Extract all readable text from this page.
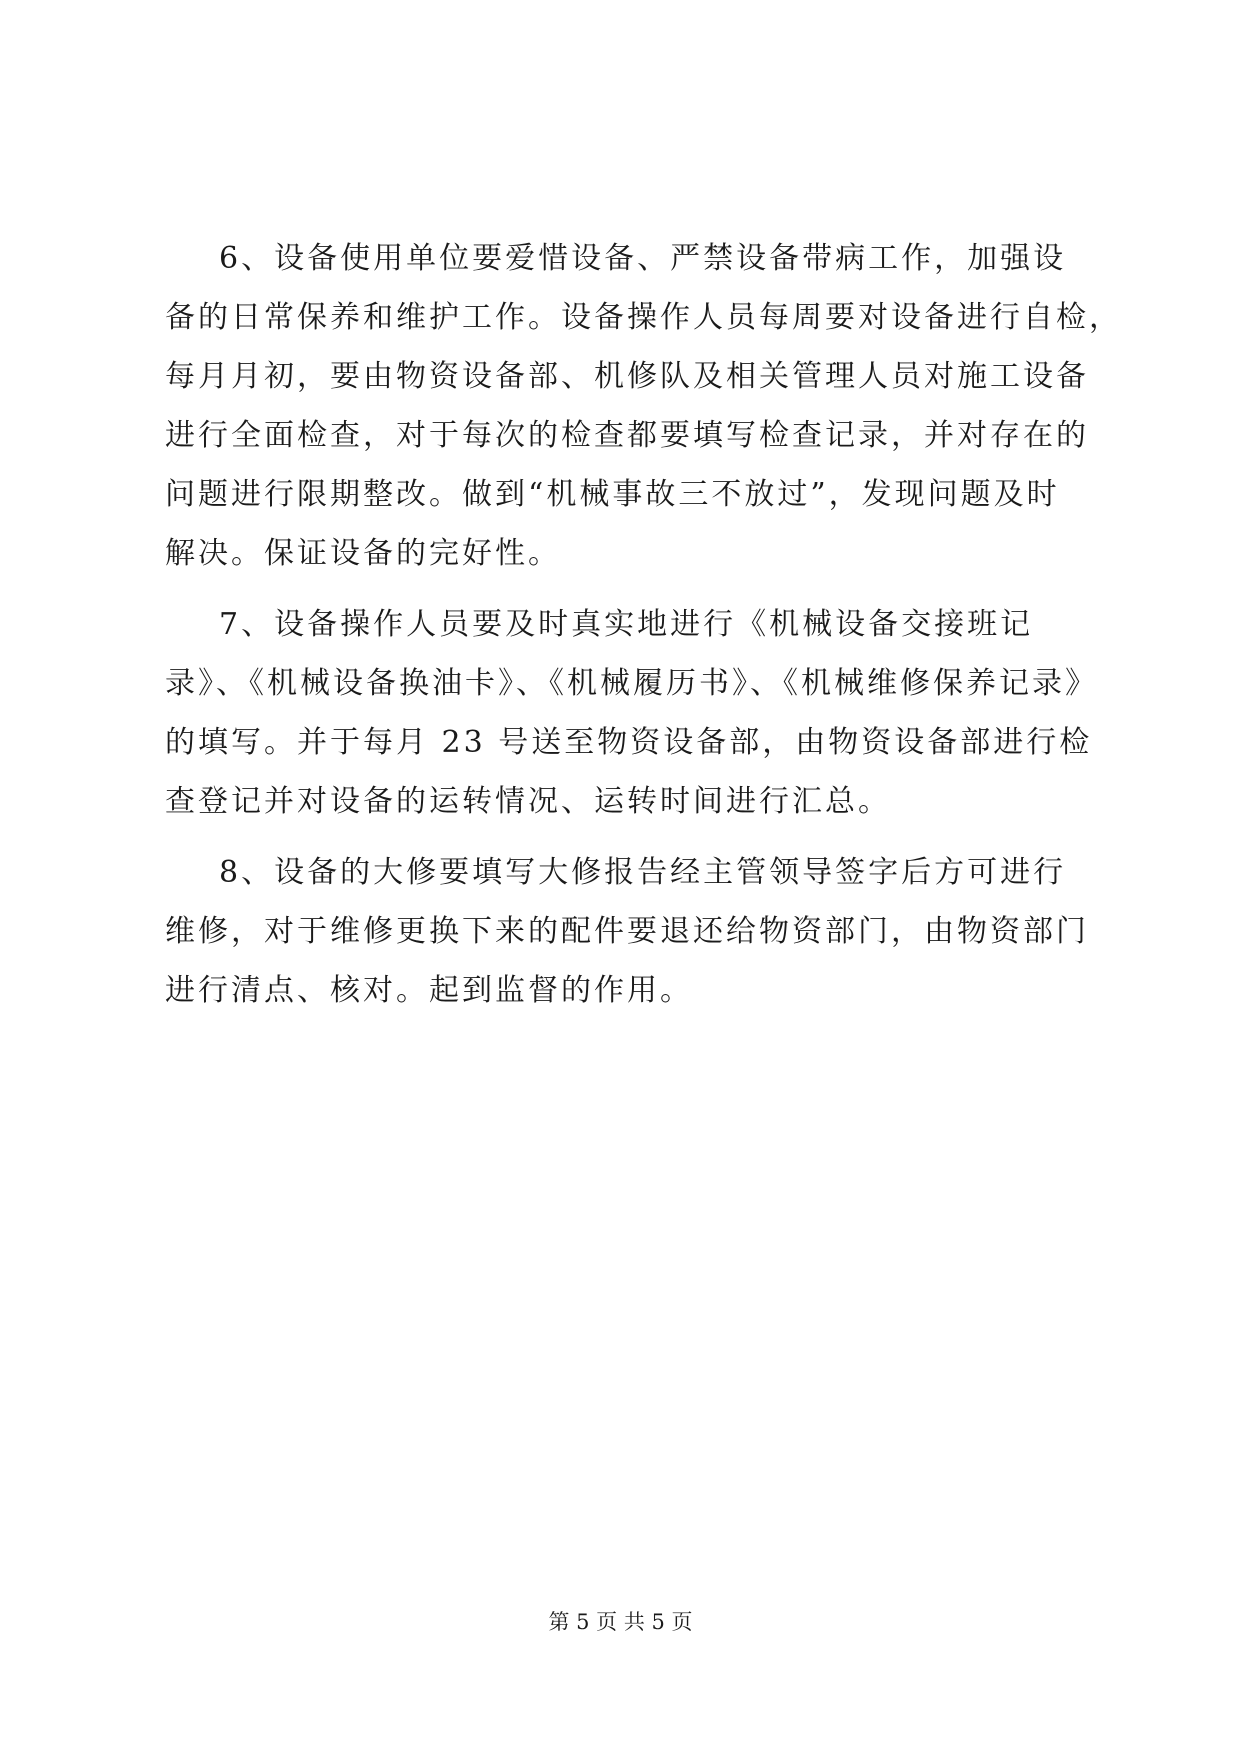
6、设备使用单位要爱惜设备、严禁设备带病工作，加强设
备的日常保养和维护工作。设备操作人员每周要对设备进行自检，
每月月初，要由物资设备部、机修队及相关管理人员对施工设备
进行全面检查，对于每次的检查都要填写检查记录，并对存在的
问题进行限期整改。做到“机械事故三不放过”，发现问题及时
解决。保证设备的完好性。
7、设备操作人员要及时真实地进行《机械设备交接班记
录》、《机械设备换油卡》、《机械履历书》、《机械维修保养记录》
的填写。并于每月 23 号送至物资设备部，由物资设备部进行检
查登记并对设备的运转情况、运转时间进行汇总。
8、设备的大修要填写大修报告经主管领导签字后方可进行
维修，对于维修更换下来的配件要退还给物资部门，由物资部门
进行清点、核对。起到监督的作用。
第 5 页 共 5 页
